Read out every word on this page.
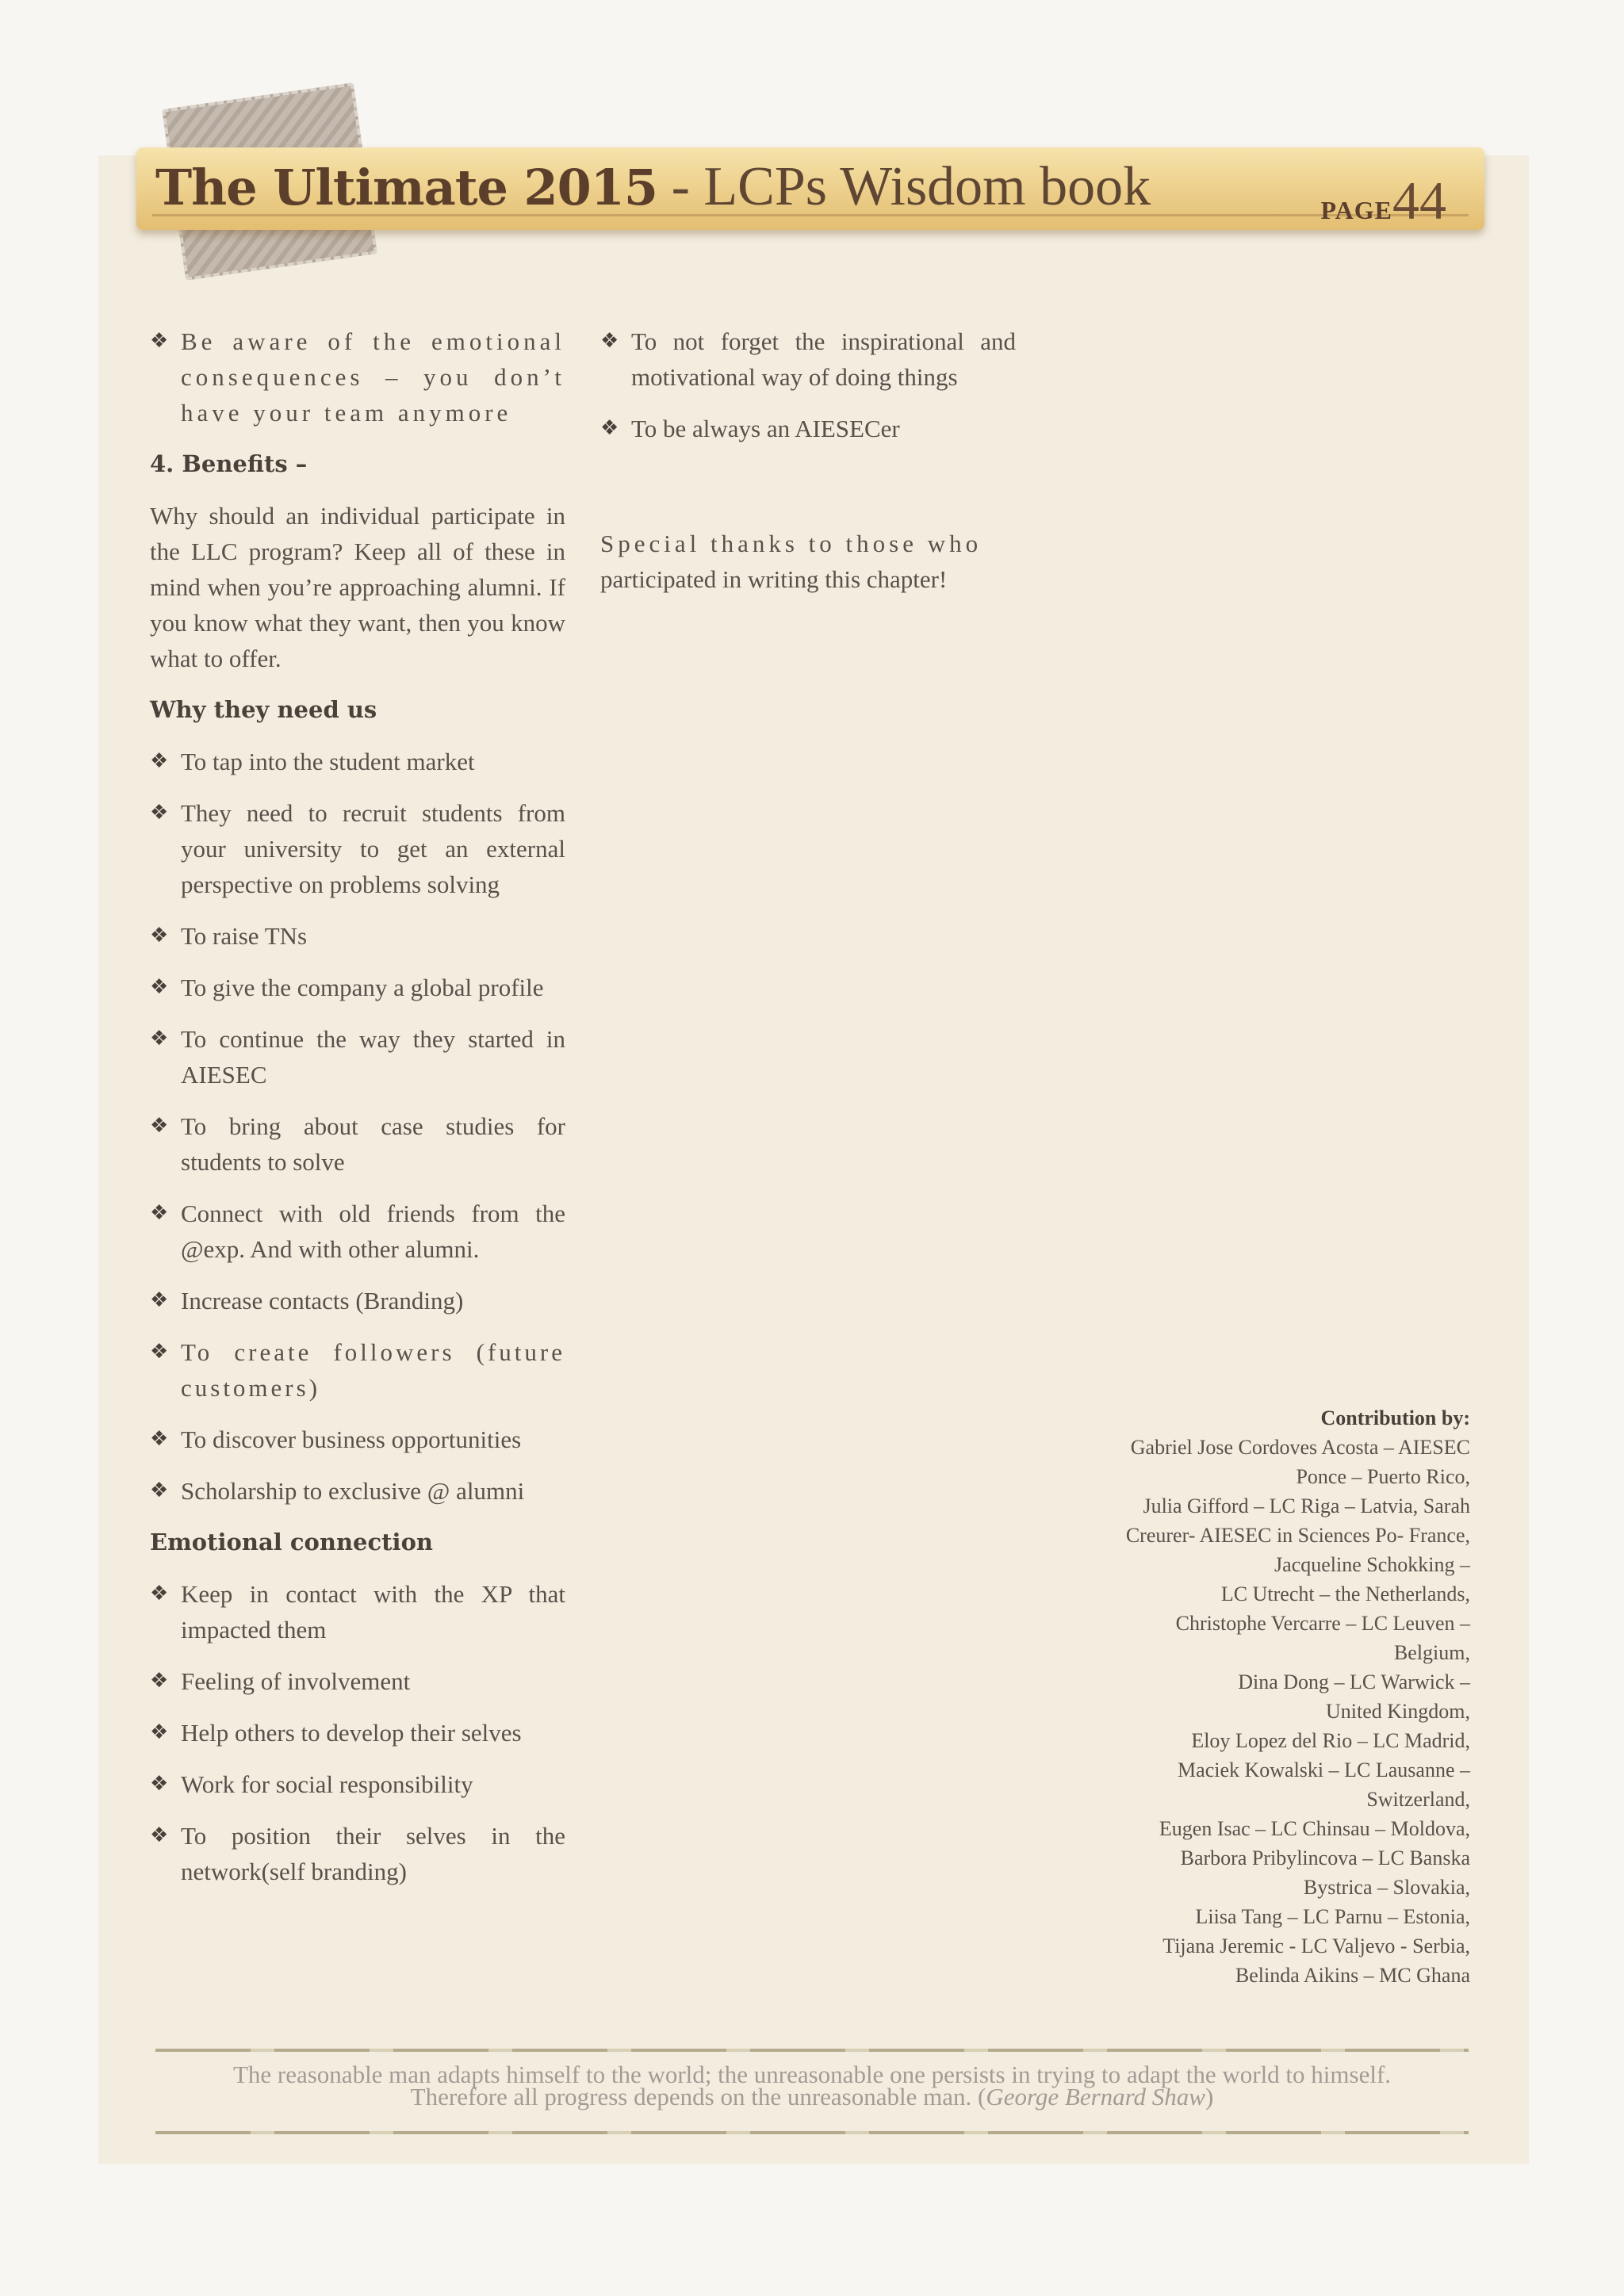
The Ultimate 2015 - LCPs Wisdom book	PAGE44
❖ Be aware of the emotional consequences – you don’t have your team anymore
4. Benefits –
Why should an individual participate in the LLC program? Keep all of these in mind when you’re approaching alumni. If you know what they want, then you know what to offer.
Why they need us
❖ To tap into the student market
❖ They need to recruit students from your university to get an external perspective on problems solving
❖ To raise TNs
❖ To give the company a global profile
❖ To continue the way they started in AIESEC
❖ To bring about case studies for students to solve
❖ Connect with old friends from the @exp. And with other alumni.
❖ Increase contacts (Branding)
❖ To create followers (future customers)
❖ To discover business opportunities
❖ Scholarship to exclusive @ alumni
Emotional connection
❖ Keep in contact with the XP that impacted them
❖ Feeling of involvement
❖ Help others to develop their selves
❖ Work for social responsibility
❖ To position their selves in the network(self branding)
❖ To not forget the inspirational and motivational way of doing things
❖ To be always an AIESECer
Special thanks to those who
participated in writing this chapter!
Contribution by:
Gabriel Jose Cordoves Acosta – AIESEC
Ponce – Puerto Rico,
Julia Gifford – LC Riga – Latvia, Sarah
Creurer- AIESEC in Sciences Po- France,
Jacqueline Schokking –
LC Utrecht – the Netherlands,
Christophe Vercarre – LC Leuven –
Belgium,
Dina Dong – LC Warwick –
United Kingdom,
Eloy Lopez del Rio – LC Madrid,
Maciek Kowalski – LC Lausanne –
Switzerland,
Eugen Isac – LC Chinsau – Moldova,
Barbora Pribylincova – LC Banska
Bystrica – Slovakia,
Liisa Tang – LC Parnu – Estonia,
Tijana Jeremic - LC Valjevo - Serbia,
Belinda Aikins – MC Ghana
The reasonable man adapts himself to the world; the unreasonable one persists in trying to adapt the world to himself.
Therefore all progress depends on the unreasonable man. (George Bernard Shaw)
